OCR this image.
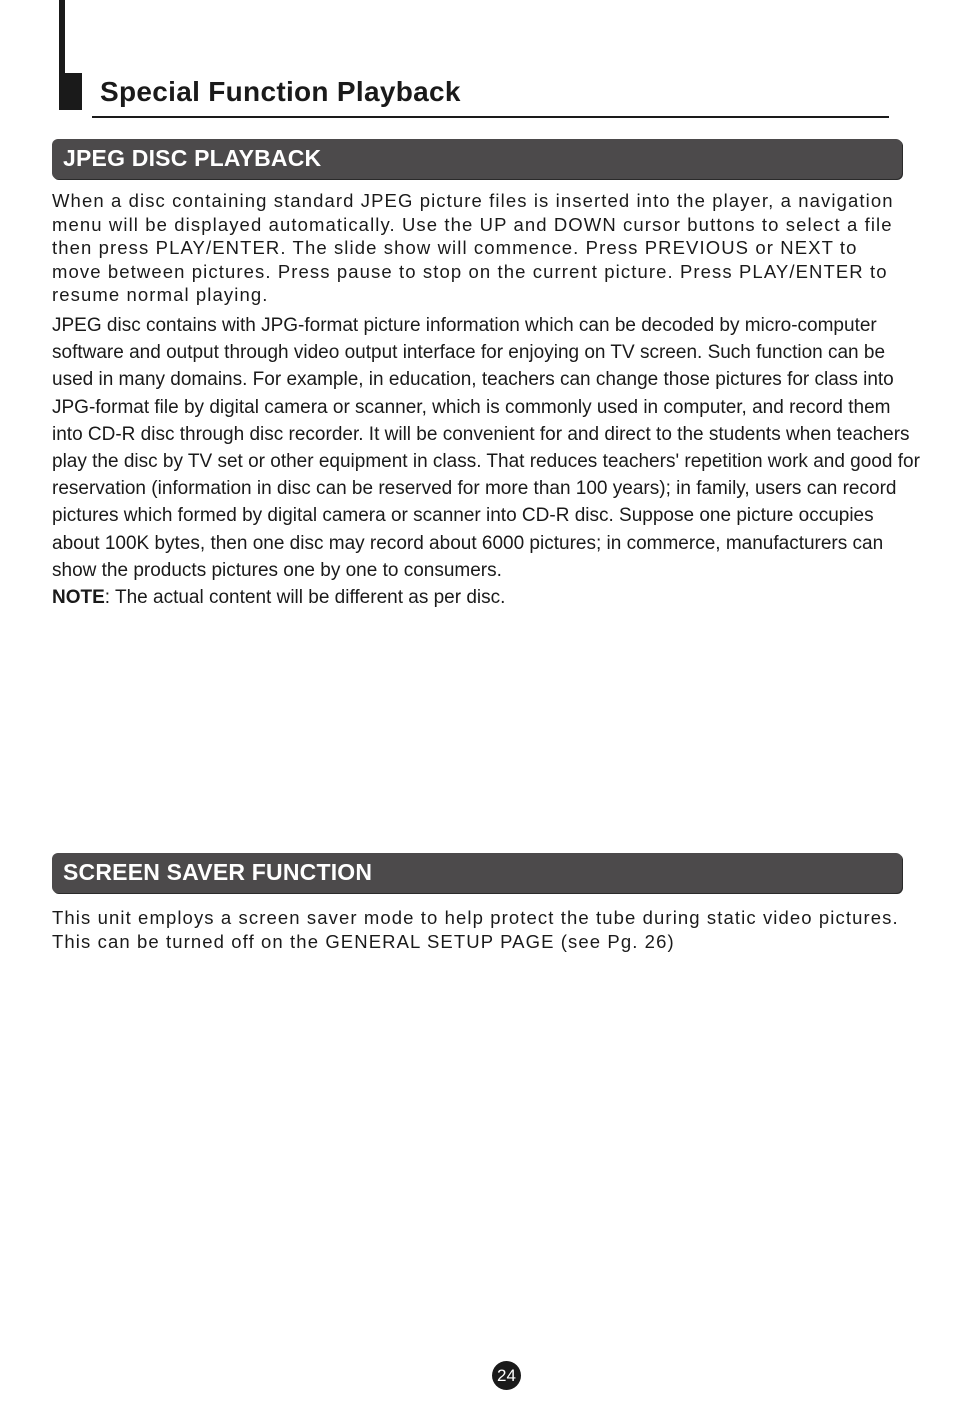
Special Function Playback
JPEG DISC PLAYBACK

When a disc containing standard JPEG picture files is inserted into the player, a navigation menu will be displayed automatically. Use the UP and DOWN cursor buttons to select a file then press PLAY/ENTER. The slide show will commence. Press PREVIOUS or NEXT to move between pictures. Press pause to stop on the current picture. Press PLAY/ENTER to resume normal playing.

JPEG disc contains with JPG-format picture information which can be decoded by micro-computer software and output through video output interface for enjoying on TV screen. Such function can be used in many domains. For example, in education, teachers can change those pictures for class into JPG-format file by digital camera or scanner, which is commonly used in computer, and record them into CD-R disc through disc recorder. It will be convenient for and direct to the students when teachers play the disc by TV set or other equipment in class. That reduces teachers' repetition work and good for reservation (information in disc can be reserved for more than 100 years); in family, users can record pictures which formed by digital camera or scanner into CD-R disc. Suppose one picture occupies about 100K bytes, then one disc may record about 6000 pictures; in commerce, manufacturers can show the products pictures one by one to consumers.
NOTE: The actual content will be different as per disc.

SCREEN SAVER FUNCTION

This unit employs a screen saver mode to help protect the tube during static video pictures. This can be turned off on the GENERAL SETUP PAGE (see Pg. 26)

24
